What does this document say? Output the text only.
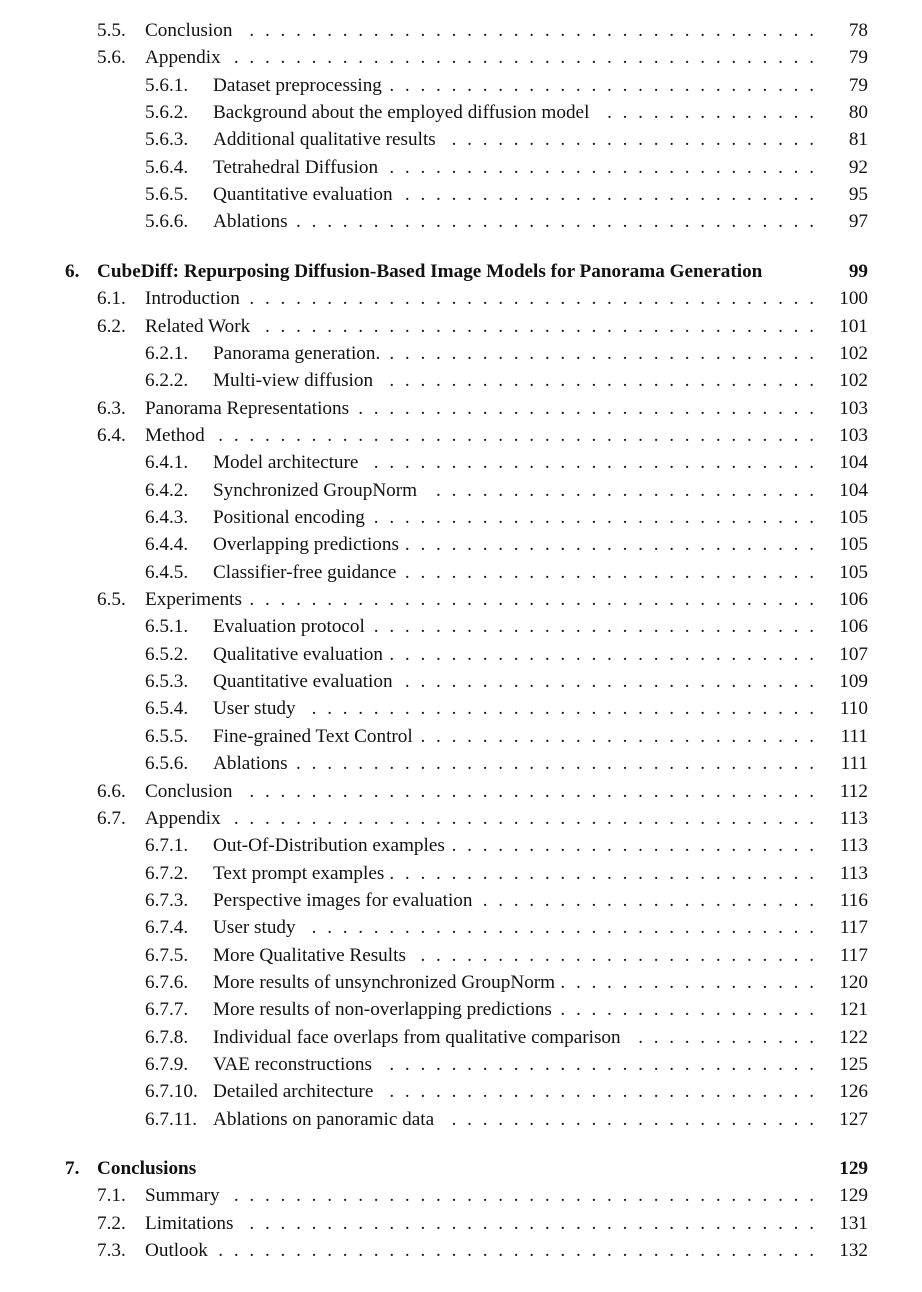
5.5. Conclusion . . . . . . . . . . . . . . . . . . . . . . . . . . . . . . . . . . . . . 78
5.6. Appendix . . . . . . . . . . . . . . . . . . . . . . . . . . . . . . . . . . . . . . 79
5.6.1. Dataset preprocessing . . . . . . . . . . . . . . . . . . . . . . . . . . . . 79
5.6.2. Background about the employed diffusion model . . . . . . . . . . . . . . 80
5.6.3. Additional qualitative results . . . . . . . . . . . . . . . . . . . . . . . . 81
5.6.4. Tetrahedral Diffusion . . . . . . . . . . . . . . . . . . . . . . . . . . . . 92
5.6.5. Quantitative evaluation . . . . . . . . . . . . . . . . . . . . . . . . . . . 95
5.6.6. Ablations . . . . . . . . . . . . . . . . . . . . . . . . . . . . . . . . . . 97
6. CubeDiff: Repurposing Diffusion-Based Image Models for Panorama Generation	99
6.1. Introduction . . . . . . . . . . . . . . . . . . . . . . . . . . . . . . . . . . . . . 100
6.2. Related Work . . . . . . . . . . . . . . . . . . . . . . . . . . . . . . . . . . . . 101
6.2.1. Panorama generation. . . . . . . . . . . . . . . . . . . . . . . . . . . . . 102
6.2.2. Multi-view diffusion . . . . . . . . . . . . . . . . . . . . . . . . . . . . 102
6.3. Panorama Representations . . . . . . . . . . . . . . . . . . . . . . . . . . . . . . 103
6.4. Method . . . . . . . . . . . . . . . . . . . . . . . . . . . . . . . . . . . . . . . 103
6.4.1. Model architecture . . . . . . . . . . . . . . . . . . . . . . . . . . . . . 104
6.4.2. Synchronized GroupNorm . . . . . . . . . . . . . . . . . . . . . . . . . 104
6.4.3. Positional encoding . . . . . . . . . . . . . . . . . . . . . . . . . . . . . 105
6.4.4. Overlapping predictions . . . . . . . . . . . . . . . . . . . . . . . . . . . 105
6.4.5. Classifier-free guidance . . . . . . . . . . . . . . . . . . . . . . . . . . . 105
6.5. Experiments . . . . . . . . . . . . . . . . . . . . . . . . . . . . . . . . . . . . . 106
6.5.1. Evaluation protocol . . . . . . . . . . . . . . . . . . . . . . . . . . . . . 106
6.5.2. Qualitative evaluation . . . . . . . . . . . . . . . . . . . . . . . . . . . . 107
6.5.3. Quantitative evaluation . . . . . . . . . . . . . . . . . . . . . . . . . . . 109
6.5.4. User study . . . . . . . . . . . . . . . . . . . . . . . . . . . . . . . . . 110
6.5.5. Fine-grained Text Control . . . . . . . . . . . . . . . . . . . . . . . . . . 111
6.5.6. Ablations . . . . . . . . . . . . . . . . . . . . . . . . . . . . . . . . . . 111
6.6. Conclusion . . . . . . . . . . . . . . . . . . . . . . . . . . . . . . . . . . . . . 112
6.7. Appendix . . . . . . . . . . . . . . . . . . . . . . . . . . . . . . . . . . . . . . 113
6.7.1. Out-Of-Distribution examples . . . . . . . . . . . . . . . . . . . . . . . . 113
6.7.2. Text prompt examples . . . . . . . . . . . . . . . . . . . . . . . . . . . . 113
6.7.3. Perspective images for evaluation . . . . . . . . . . . . . . . . . . . . . . 116
6.7.4. User study . . . . . . . . . . . . . . . . . . . . . . . . . . . . . . . . . 117
6.7.5. More Qualitative Results . . . . . . . . . . . . . . . . . . . . . . . . . . 117
6.7.6. More results of unsynchronized GroupNorm . . . . . . . . . . . . . . . . . 120
6.7.7. More results of non-overlapping predictions . . . . . . . . . . . . . . . . . 121
6.7.8. Individual face overlaps from qualitative comparison . . . . . . . . . . . . 122
6.7.9. VAE reconstructions . . . . . . . . . . . . . . . . . . . . . . . . . . . . 125
6.7.10. Detailed architecture . . . . . . . . . . . . . . . . . . . . . . . . . . . . 126
6.7.11. Ablations on panoramic data . . . . . . . . . . . . . . . . . . . . . . . . 127
7. Conclusions	129
7.1. Summary . . . . . . . . . . . . . . . . . . . . . . . . . . . . . . . . . . . . . . 129
7.2. Limitations . . . . . . . . . . . . . . . . . . . . . . . . . . . . . . . . . . . . . 131
7.3. Outlook . . . . . . . . . . . . . . . . . . . . . . . . . . . . . . . . . . . . . . . 132
